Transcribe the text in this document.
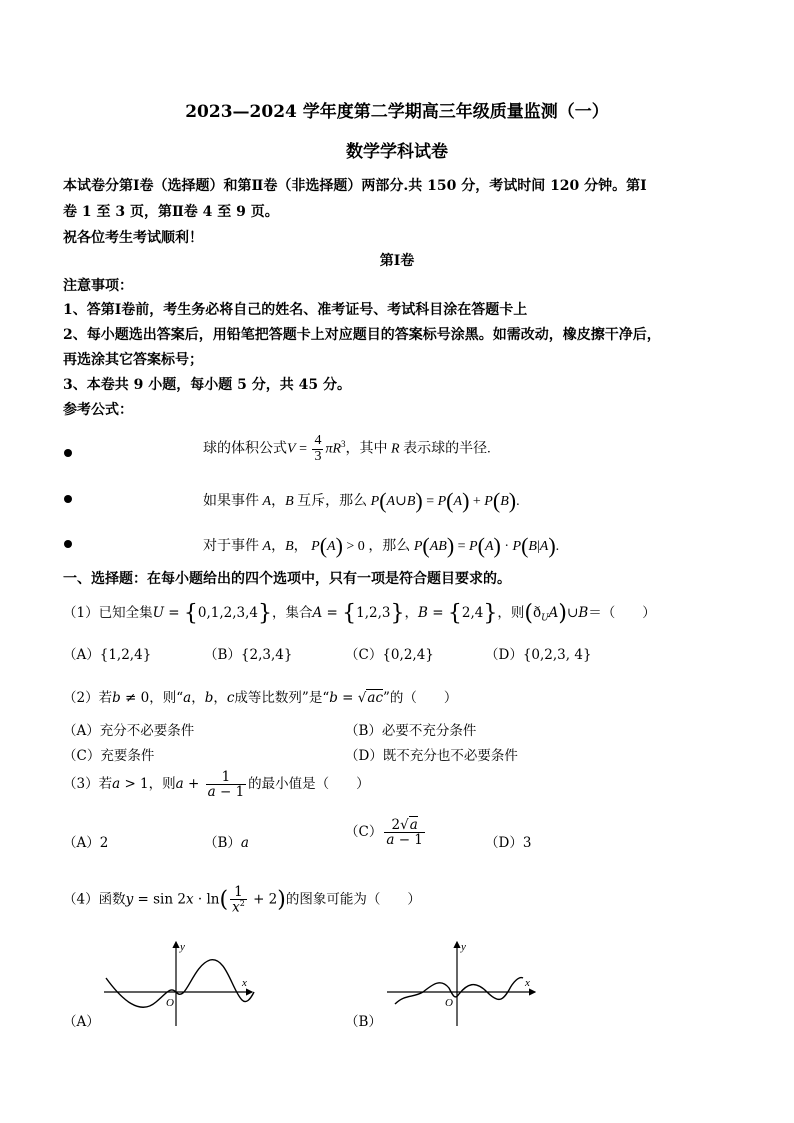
2023—2024 学年度第二学期高三年级质量监测（一）
数学学科试卷
本试卷分第Ⅰ卷（选择题）和第Ⅱ卷（非选择题）两部分.共 150 分，考试时间 120 分钟。第Ⅰ
卷 1 至 3 页，第Ⅱ卷 4 至 9 页。
祝各位考生考试顺利！
第Ⅰ卷
注意事项：
1、答第Ⅰ卷前，考生务必将自己的姓名、准考证号、考试科目涂在答题卡上
2、每小题选出答案后，用铅笔把答题卡上对应题目的答案标号涂黑。如需改动，橡皮擦干净后，
再选涂其它答案标号；
3、本卷共 9 小题，每小题 5 分，共 45 分。
参考公式：
球的体积公式$V = \frac{4}{3} \pi R^3$，其中 R 表示球的半径.
如果事件 A，B 互斥，那么 P(A∪B) = P(A) + P(B).
对于事件 A，B， P(A) > 0 ，那么 P(AB) = P(A) · P(B|A).
一、选择题：在每小题给出的四个选项中，只有一项是符合题目要求的。
（1）已知全集U = {0,1,2,3,4}，集合A = {1,2,3}，B = {2,4}，则$(ð_UA)\cup B=$（　　）
（A）{1,2,4}	（B）{2,3,4}	（C）{0,2,4}	（D）{0,2,3, 4}
（2）若b ≠ 0，则“a，b，c成等比数列”是“b = √ac”的（　　）
（A）充分不必要条件	（B）必要不充分条件
（C）充要条件	（D）既不充分也不必要条件
（3）若a > 1，则$a + \frac{1}{a - 1}$ 的最小值是（　　）
（A）2	（B）a
$(C) \frac{2√a}{a - 1}$	（D）3
（4）函数$y = \sin 2x \cdot \ln( \frac{1}{x^2} + 2)$的图象可能为（　　）
x
y
O
（A）
x
y
O
（B）
